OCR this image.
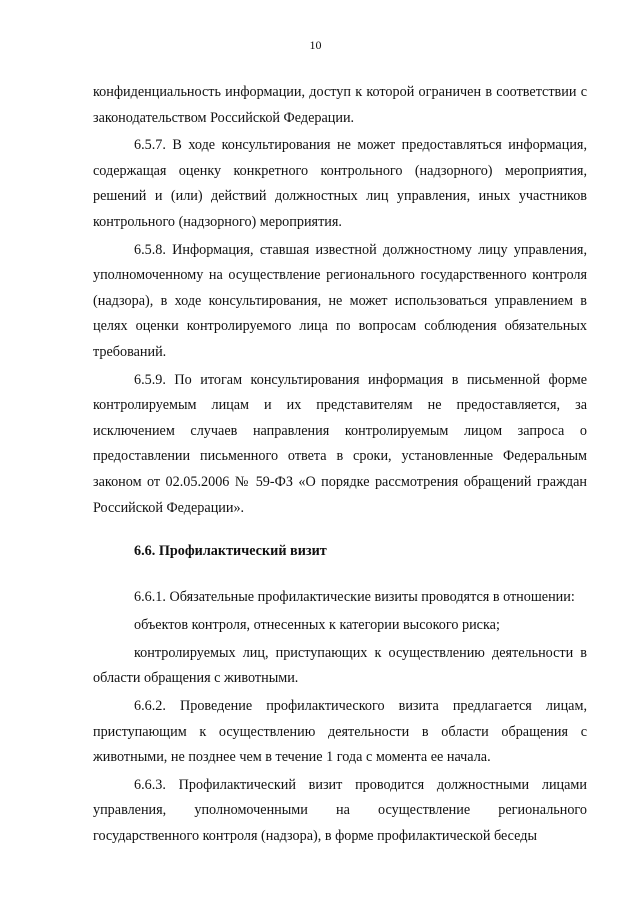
10

конфиденциальность информации, доступ к которой ограничен в соответствии с законодательством Российской Федерации.

6.5.7. В ходе консультирования не может предоставляться информация, содержащая оценку конкретного контрольного (надзорного) мероприятия, решений и (или) действий должностных лиц управления, иных участников контрольного (надзорного) мероприятия.

6.5.8. Информация, ставшая известной должностному лицу управления, уполномоченному на осуществление регионального государственного контроля (надзора), в ходе консультирования, не может использоваться управлением в целях оценки контролируемого лица по вопросам соблюдения обязательных требований.

6.5.9. По итогам консультирования информация в письменной форме контролируемым лицам и их представителям не предоставляется, за исключением случаев направления контролируемым лицом запроса о предоставлении письменного ответа в сроки, установленные Федеральным законом от 02.05.2006 № 59-ФЗ «О порядке рассмотрения обращений граждан Российской Федерации».

6.6. Профилактический визит

6.6.1. Обязательные профилактические визиты проводятся в отношении:

объектов контроля, отнесенных к категории высокого риска;

контролируемых лиц, приступающих к осуществлению деятельности в области обращения с животными.

6.6.2. Проведение профилактического визита предлагается лицам, приступающим к осуществлению деятельности в области обращения с животными, не позднее чем в течение 1 года с момента ее начала.

6.6.3. Профилактический визит проводится должностными лицами управления, уполномоченными на осуществление регионального государственного контроля (надзора), в форме профилактической беседы
